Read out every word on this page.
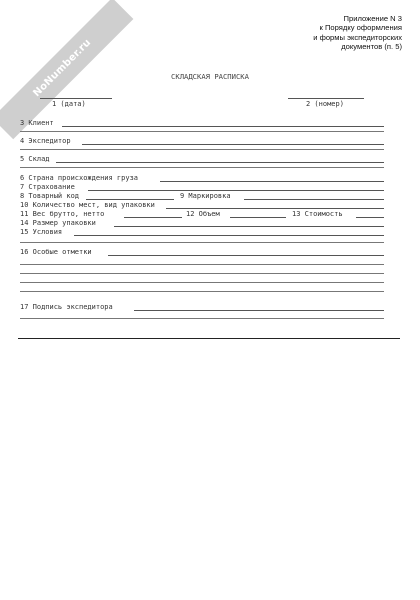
NoNumber.ru
Приложение N 3
к Порядку оформления
и формы экспедиторских
документов (п. 5)
СКЛАДСКАЯ РАСПИСКА
1 (дата)	2 (номер)
3 Клиент
4 Экспедитор
5 Склад
6 Страна происхождения груза
7 Страхование
8 Товарный код	9 Маркировка
10 Количество мест, вид упаковки
11 Вес брутто, нетто	12 Объем	13 Стоимость
14 Размер упаковки
15 Условия
16 Особые отметки
17 Подпись экспедитора
